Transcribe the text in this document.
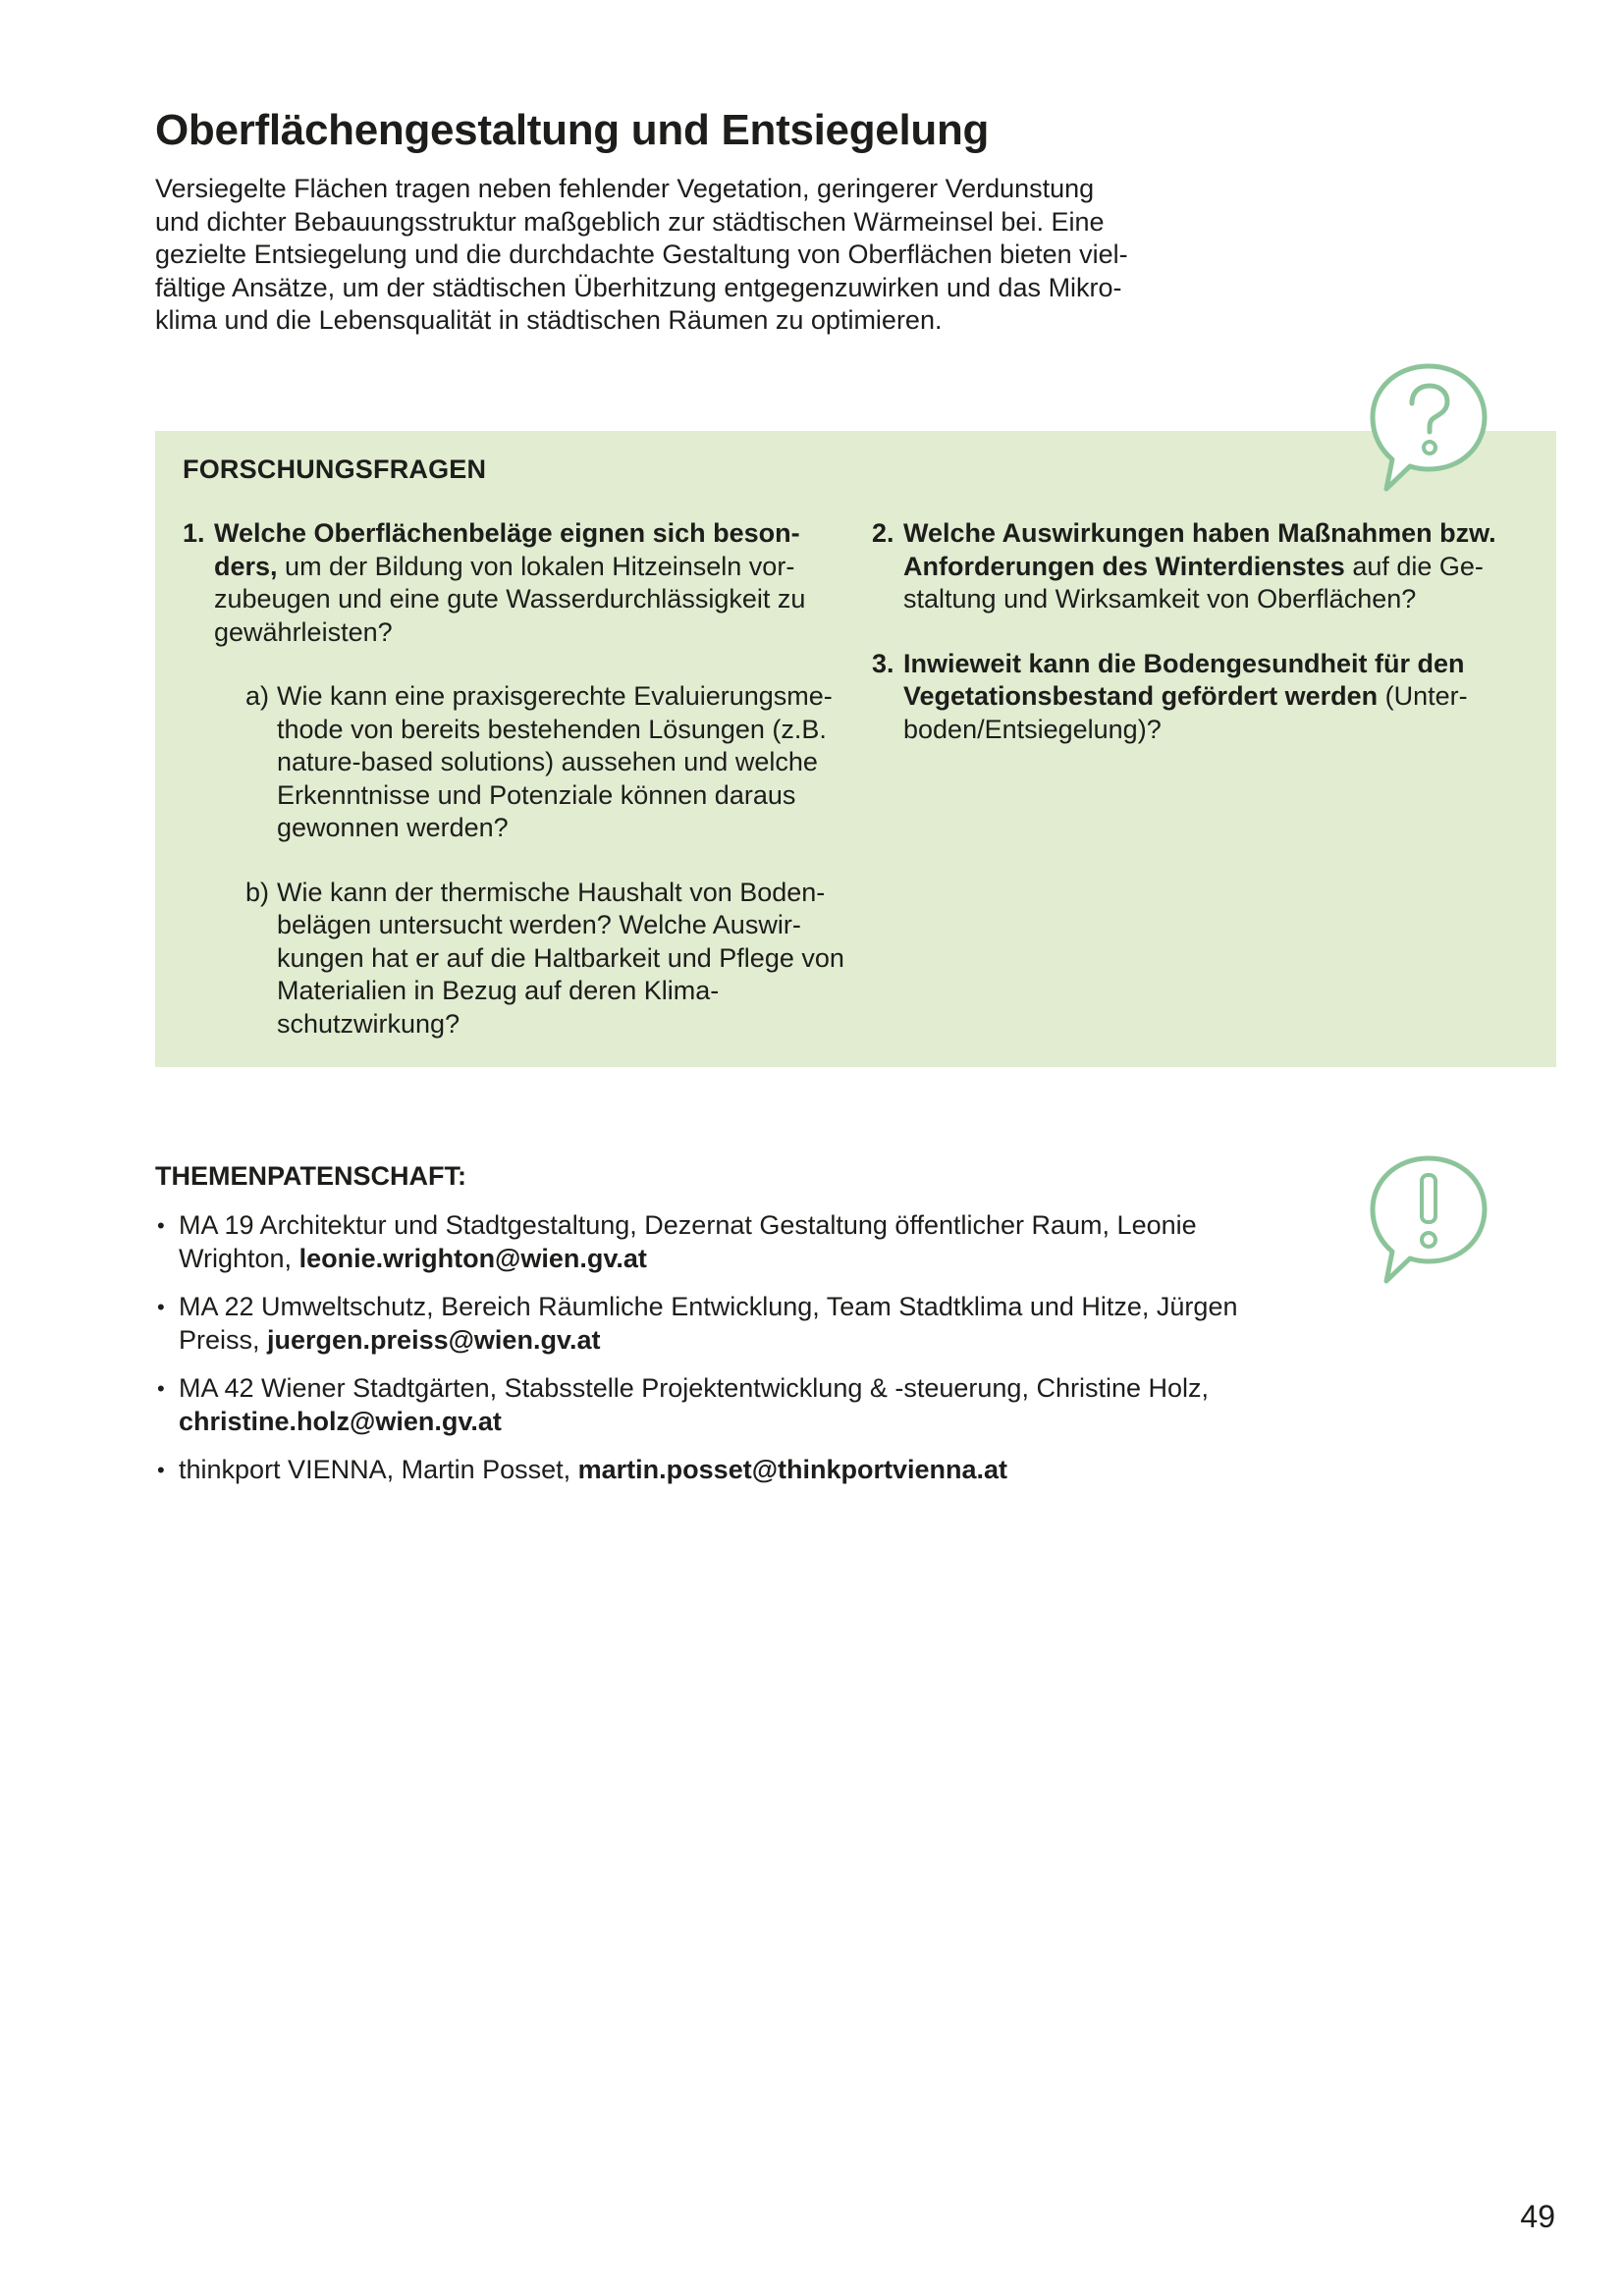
Oberflächengestaltung und Entsiegelung

Versiegelte Flächen tragen neben fehlender Vegetation, geringerer Verdunstung
und dichter Bebauungsstruktur maßgeblich zur städtischen Wärmeinsel bei. Eine
gezielte Entsiegelung und die durchdachte Gestaltung von Oberflächen bieten viel-
fältige Ansätze, um der städtischen Überhitzung entgegenzuwirken und das Mikro-
klima und die Lebensqualität in städtischen Räumen zu optimieren.

FORSCHUNGSFRAGEN
1. Welche Oberflächenbeläge eignen sich beson- ders, um der Bildung von lokalen Hitzeinseln vor- zubeugen und eine gute Wasserdurchlässigkeit zu gewährleisten?
a) Wie kann eine praxisgerechte Evaluierungsme- thode von bereits bestehenden Lösungen (z.B. nature-based solutions) aussehen und welche Erkenntnisse und Potenziale können daraus gewonnen werden?
b) Wie kann der thermische Haushalt von Boden- belägen untersucht werden? Welche Auswir- kungen hat er auf die Haltbarkeit und Pflege von Materialien in Bezug auf deren Klima- schutzwirkung?
2. Welche Auswirkungen haben Maßnahmen bzw. Anforderungen des Winterdienstes auf die Ge- staltung und Wirksamkeit von Oberflächen?
3. Inwieweit kann die Bodengesundheit für den Vegetationsbestand gefördert werden (Unter- boden/Entsiegelung)?
THEMENPATENSCHAFT:
• MA 19 Architektur und Stadtgestaltung, Dezernat Gestaltung öffentlicher Raum, Leonie Wrighton, leonie.wrighton@wien.gv.at
• MA 22 Umweltschutz, Bereich Räumliche Entwicklung, Team Stadtklima und Hitze, Jürgen Preiss, juergen.preiss@wien.gv.at
• MA 42 Wiener Stadtgärten, Stabsstelle Projektentwicklung & -steuerung, Christine Holz, christine.holz@wien.gv.at
• thinkport VIENNA, Martin Posset, martin.posset@thinkportvienna.at
49
